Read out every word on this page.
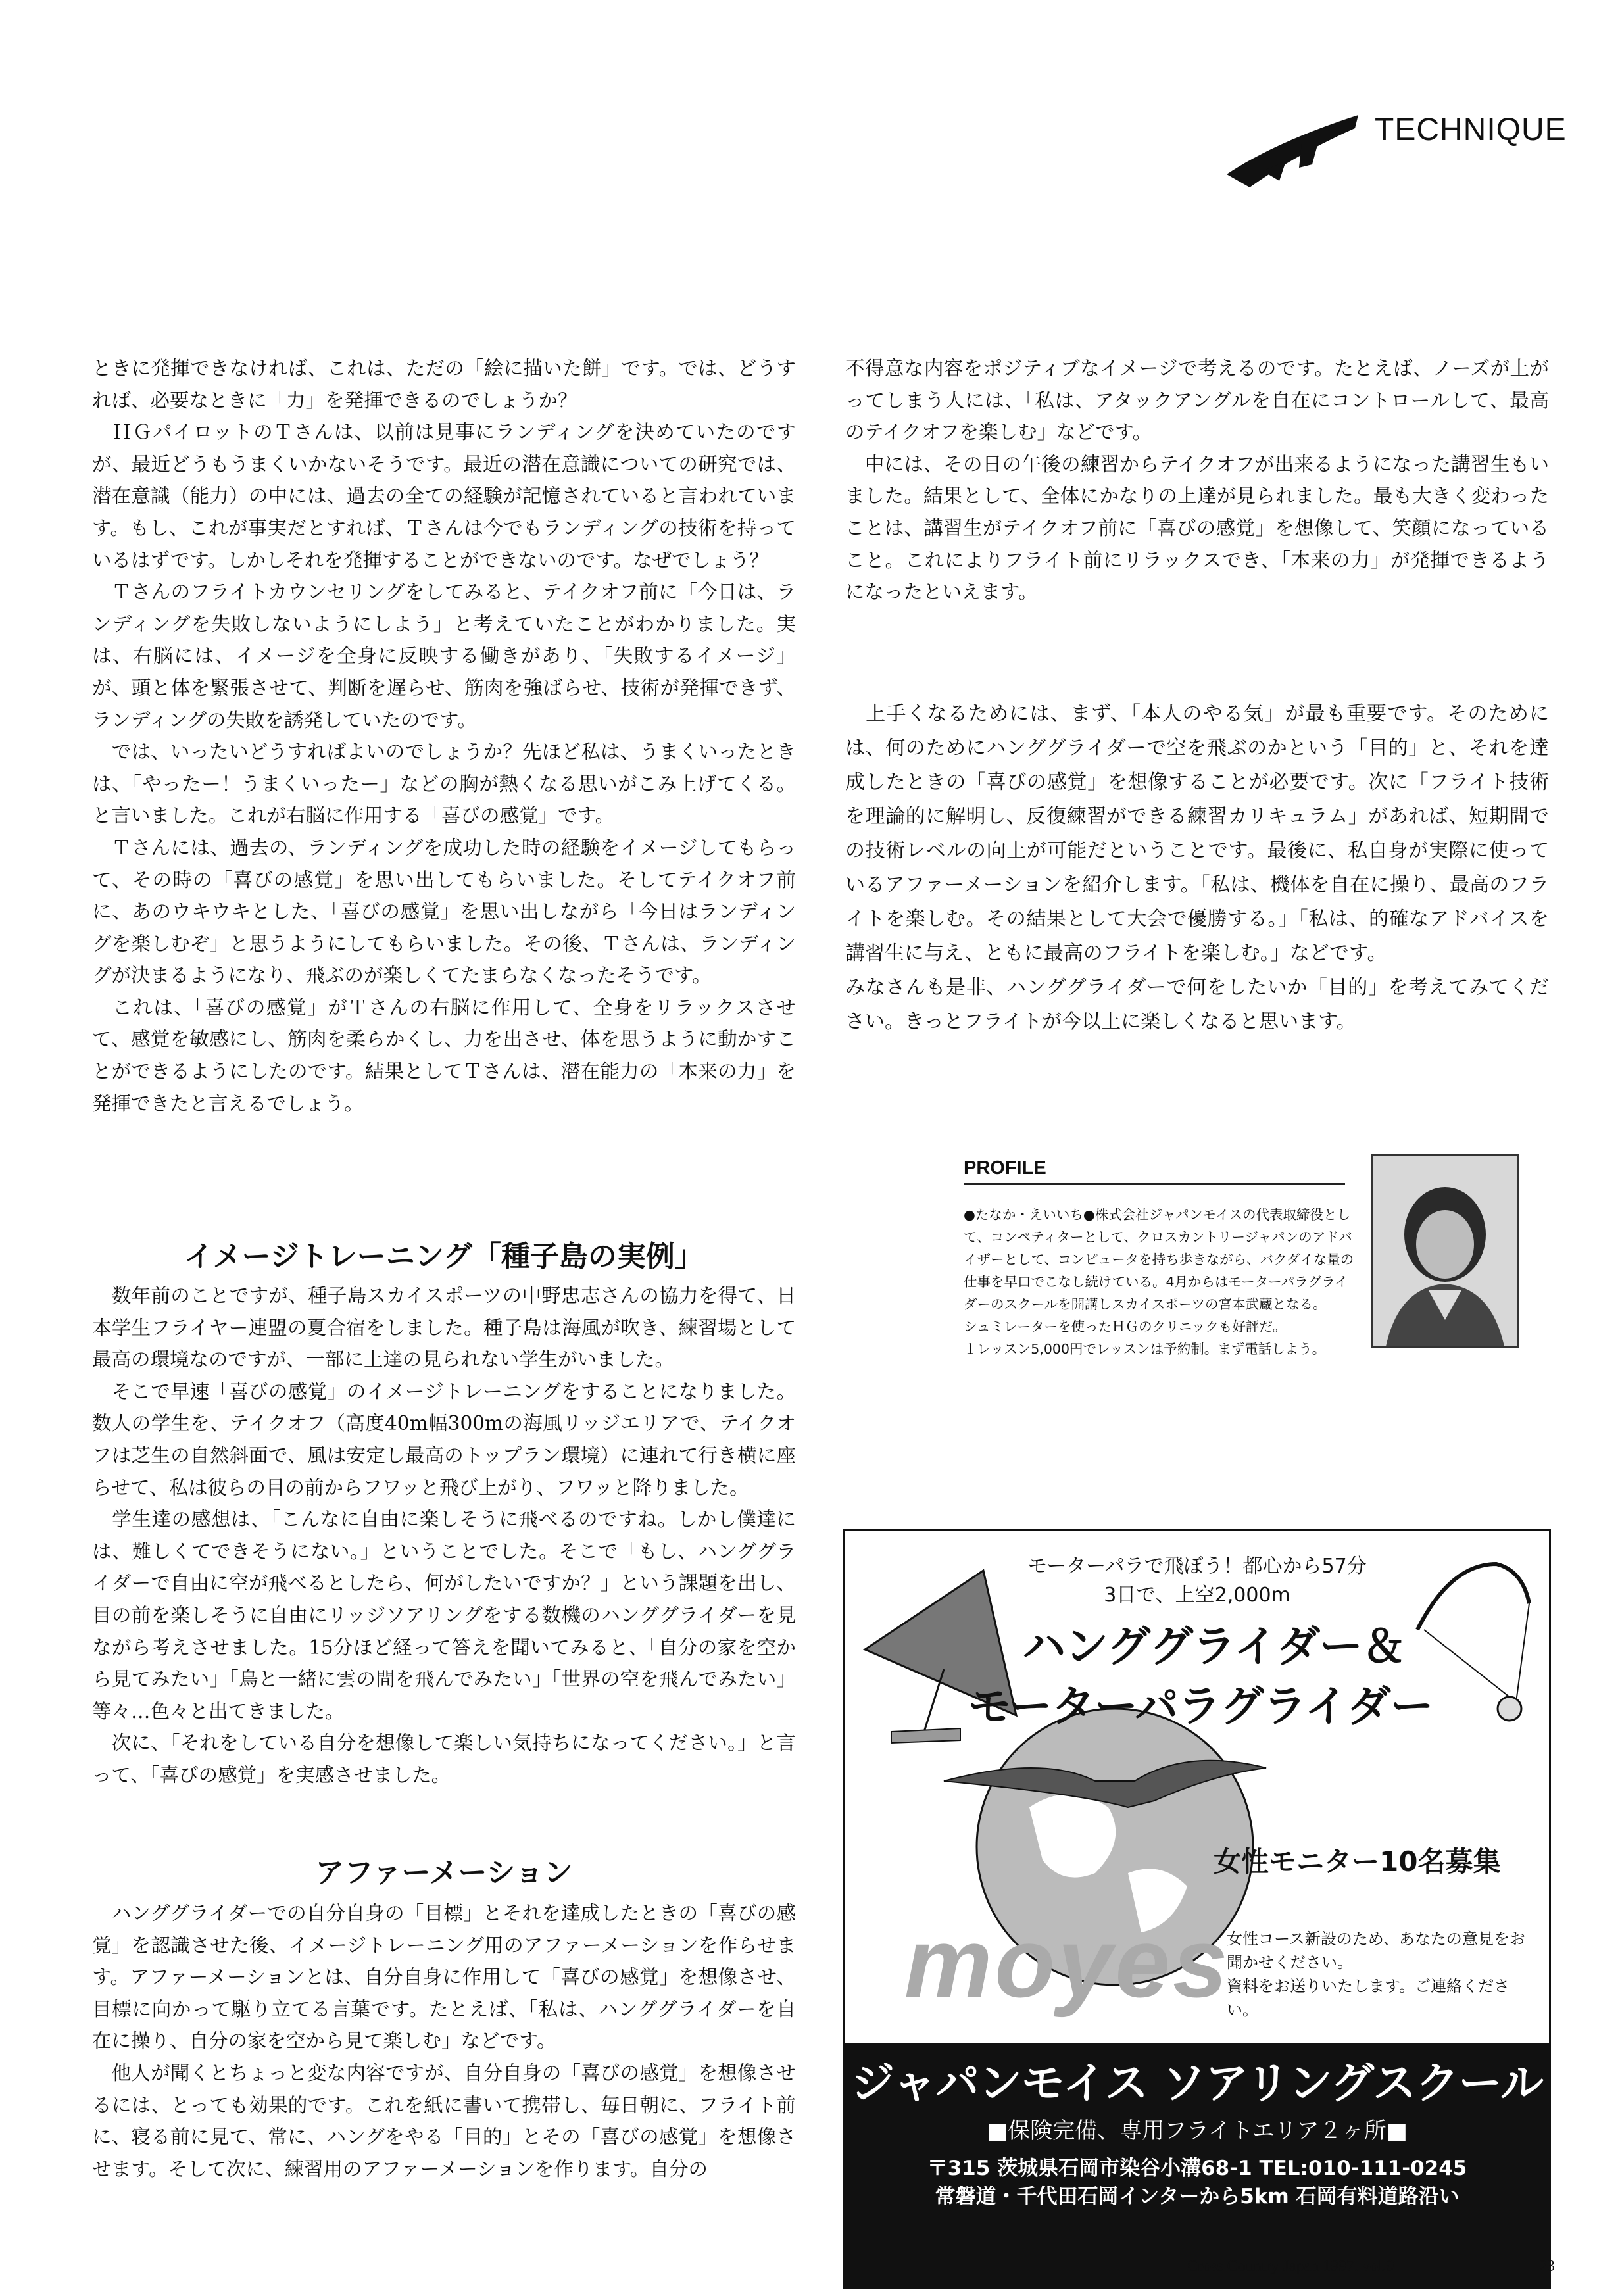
TECHNIQUE

ときに発揮できなければ、これは、ただの「絵に描いた餅」です。では、どうすれば、必要なときに「力」を発揮できるのでしょうか？

　ＨＧパイロットのＴさんは、以前は見事にランディングを決めていたのですが、最近どうもうまくいかないそうです。最近の潜在意識についての研究では、潜在意識（能力）の中には、過去の全ての経験が記憶されていると言われています。もし、これが事実だとすれば、Ｔさんは今でもランディングの技術を持っているはずです。しかしそれを発揮することができないのです。なぜでしょう？

　Ｔさんのフライトカウンセリングをしてみると、テイクオフ前に「今日は、ランディングを失敗しないようにしよう」と考えていたことがわかりました。実は、右脳には、イメージを全身に反映する働きがあり、「失敗するイメージ」が、頭と体を緊張させて、判断を遅らせ、筋肉を強ばらせ、技術が発揮できず、ランディングの失敗を誘発していたのです。

　では、いったいどうすればよいのでしょうか？先ほど私は、うまくいったときは、「やったー！うまくいったー」などの胸が熱くなる思いがこみ上げてくる。と言いました。これが右脳に作用する「喜びの感覚」です。

　Ｔさんには、過去の、ランディングを成功した時の経験をイメージしてもらって、その時の「喜びの感覚」を思い出してもらいました。そしてテイクオフ前に、あのウキウキとした、「喜びの感覚」を思い出しながら「今日はランディングを楽しむぞ」と思うようにしてもらいました。その後、Ｔさんは、ランディングが決まるようになり、飛ぶのが楽しくてたまらなくなったそうです。

　これは、「喜びの感覚」がＴさんの右脳に作用して、全身をリラックスさせて、感覚を敏感にし、筋肉を柔らかくし、力を出させ、体を思うように動かすことができるようにしたのです。結果としてＴさんは、潜在能力の「本来の力」を発揮できたと言えるでしょう。

イメージトレーニング「種子島の実例」

　数年前のことですが、種子島スカイスポーツの中野忠志さんの協力を得て、日本学生フライヤー連盟の夏合宿をしました。種子島は海風が吹き、練習場として最高の環境なのですが、一部に上達の見られない学生がいました。

　そこで早速「喜びの感覚」のイメージトレーニングをすることになりました。数人の学生を、テイクオフ（高度40m幅300mの海風リッジエリアで、テイクオフは芝生の自然斜面で、風は安定し最高のトップラン環境）に連れて行き横に座らせて、私は彼らの目の前からフワッと飛び上がり、フワッと降りました。

　学生達の感想は、「こんなに自由に楽しそうに飛べるのですね。しかし僕達には、難しくてできそうにない。」ということでした。そこで「もし、ハンググライダーで自由に空が飛べるとしたら、何がしたいですか？」という課題を出し、目の前を楽しそうに自由にリッジソアリングをする数機のハンググライダーを見ながら考えさせました。15分ほど経って答えを聞いてみると、「自分の家を空から見てみたい」「鳥と一緒に雲の間を飛んでみたい」「世界の空を飛んでみたい」等々…色々と出てきました。

　次に、「それをしている自分を想像して楽しい気持ちになってください。」と言って、「喜びの感覚」を実感させました。

アファーメーション

　ハンググライダーでの自分自身の「目標」とそれを達成したときの「喜びの感覚」を認識させた後、イメージトレーニング用のアファーメーションを作らせます。アファーメーションとは、自分自身に作用して「喜びの感覚」を想像させ、目標に向かって駆り立てる言葉です。たとえば、「私は、ハンググライダーを自在に操り、自分の家を空から見て楽しむ」などです。

　他人が聞くとちょっと変な内容ですが、自分自身の「喜びの感覚」を想像させるには、とっても効果的です。これを紙に書いて携帯し、毎日朝に、フライト前に、寝る前に見て、常に、ハングをやる「目的」とその「喜びの感覚」を想像させます。そして次に、練習用のアファーメーションを作ります。自分の

不得意な内容をポジティブなイメージで考えるのです。たとえば、ノーズが上がってしまう人には、「私は、アタックアングルを自在にコントロールして、最高のテイクオフを楽しむ」などです。

　中には、その日の午後の練習からテイクオフが出来るようになった講習生もいました。結果として、全体にかなりの上達が見られました。最も大きく変わったことは、講習生がテイクオフ前に「喜びの感覚」を想像して、笑顔になっていること。これによりフライト前にリラックスでき、「本来の力」が発揮できるようになったといえます。

　上手くなるためには、まず、「本人のやる気」が最も重要です。そのためには、何のためにハンググライダーで空を飛ぶのかという「目的」と、それを達成したときの「喜びの感覚」を想像することが必要です。次に「フライト技術を理論的に解明し、反復練習ができる練習カリキュラム」があれば、短期間での技術レベルの向上が可能だということです。最後に、私自身が実際に使っているアファーメーションを紹介します。「私は、機体を自在に操り、最高のフライトを楽しむ。その結果として大会で優勝する。」「私は、的確なアドバイスを講習生に与え、ともに最高のフライトを楽しむ。」などです。

みなさんも是非、ハンググライダーで何をしたいか「目的」を考えてみてください。きっとフライトが今以上に楽しくなると思います。

PROFILE

●たなか・えいいち●株式会社ジャパンモイスの代表取締役として、コンペティターとして、クロスカントリージャパンのアドバイザーとして、コンピュータを持ち歩きながら、バクダイな量の仕事を早口でこなし続けている。4月からはモーターパラグライダーのスクールを開講しスカイスポーツの宮本武蔵となる。

シュミレーターを使ったＨＧのクリニックも好評だ。

１レッスン5,000円でレッスンは予約制。まず電話しよう。

モーターパラで飛ぼう！都心から57分
3日で、上空2,000m
ハンググライダー＆
モーターパラグライダー
女性モニター10名募集
moyes

女性コース新設のため、あなたの意見をお聞かせください。

資料をお送りいたします。ご連絡ください。

ジャパンモイス ソアリングスクール
■保険完備、専用フライトエリア２ヶ所■
〒315 茨城県石岡市染谷小溝68-1 TEL:010-111-0245
常磐道・千代田石岡インターから5km 石岡有料道路沿い
Cross Country Japan 1997. vol.9	23
